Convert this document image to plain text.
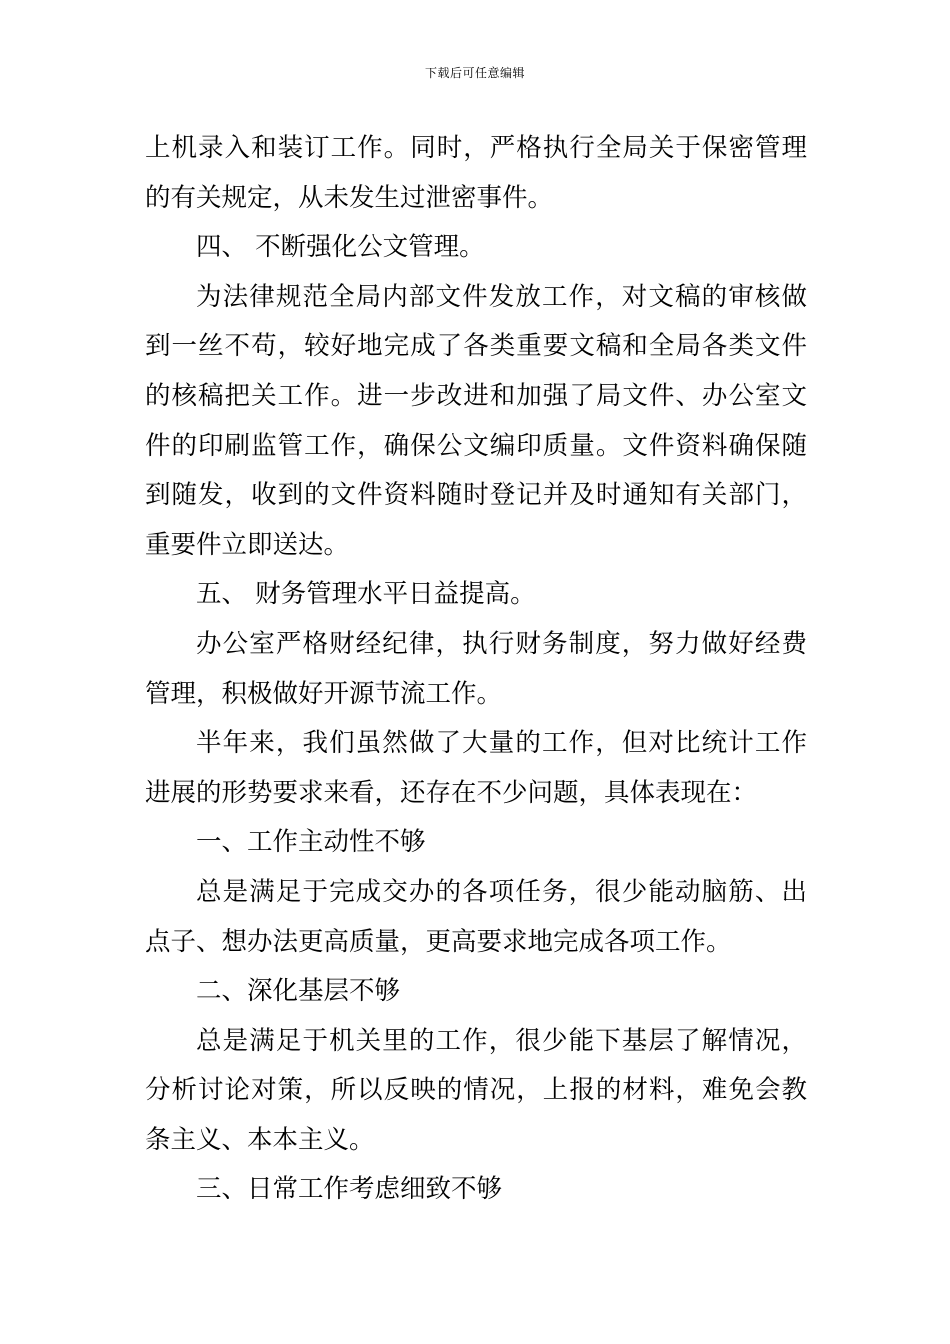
下载后可任意编辑

上机录入和装订工作。同时，严格执行全局关于保密管理的有关规定，从未发生过泄密事件。

四、 不断强化公文管理。

为法律规范全局内部文件发放工作，对文稿的审核做到一丝不苟，较好地完成了各类重要文稿和全局各类文件的核稿把关工作。进一步改进和加强了局文件、办公室文件的印刷监管工作，确保公文编印质量。文件资料确保随到随发，收到的文件资料随时登记并及时通知有关部门，重要件立即送达。

五、 财务管理水平日益提高。

办公室严格财经纪律，执行财务制度，努力做好经费管理，积极做好开源节流工作。

半年来，我们虽然做了大量的工作，但对比统计工作进展的形势要求来看，还存在不少问题，具体表现在：

一、工作主动性不够

总是满足于完成交办的各项任务，很少能动脑筋、出点子、想办法更高质量，更高要求地完成各项工作。

二、深化基层不够

总是满足于机关里的工作，很少能下基层了解情况，分析讨论对策，所以反映的情况，上报的材料，难免会教条主义、本本主义。

三、日常工作考虑细致不够
